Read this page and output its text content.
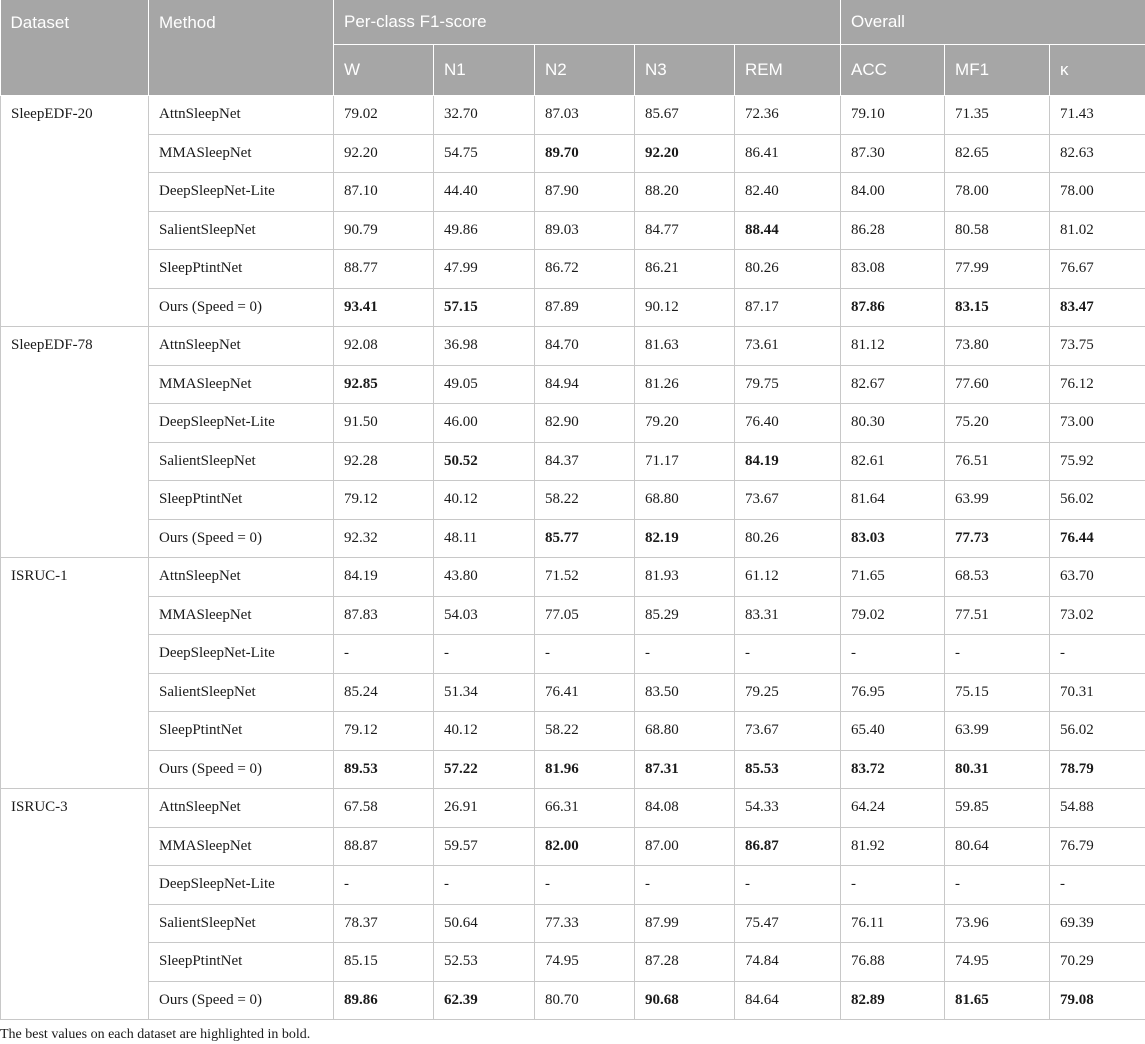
Dataset	Method	Per-class F1-score					Overall		
		W	N1	N2	N3	REM	ACC	MF1	κ
SleepEDF-20	AttnSleepNet	79.02	32.70	87.03	85.67	72.36	79.10	71.35	71.43
	MMASleepNet	92.20	54.75	89.70	92.20	86.41	87.30	82.65	82.63
	DeepSleepNet-Lite	87.10	44.40	87.90	88.20	82.40	84.00	78.00	78.00
	SalientSleepNet	90.79	49.86	89.03	84.77	88.44	86.28	80.58	81.02
	SleepPtintNet	88.77	47.99	86.72	86.21	80.26	83.08	77.99	76.67
	Ours (Speed = 0)	93.41	57.15	87.89	90.12	87.17	87.86	83.15	83.47
SleepEDF-78	AttnSleepNet	92.08	36.98	84.70	81.63	73.61	81.12	73.80	73.75
	MMASleepNet	92.85	49.05	84.94	81.26	79.75	82.67	77.60	76.12
	DeepSleepNet-Lite	91.50	46.00	82.90	79.20	76.40	80.30	75.20	73.00
	SalientSleepNet	92.28	50.52	84.37	71.17	84.19	82.61	76.51	75.92
	SleepPtintNet	79.12	40.12	58.22	68.80	73.67	81.64	63.99	56.02
	Ours (Speed = 0)	92.32	48.11	85.77	82.19	80.26	83.03	77.73	76.44
ISRUC-1	AttnSleepNet	84.19	43.80	71.52	81.93	61.12	71.65	68.53	63.70
	MMASleepNet	87.83	54.03	77.05	85.29	83.31	79.02	77.51	73.02
	DeepSleepNet-Lite	-	-	-	-	-	-	-	-
	SalientSleepNet	85.24	51.34	76.41	83.50	79.25	76.95	75.15	70.31
	SleepPtintNet	79.12	40.12	58.22	68.80	73.67	65.40	63.99	56.02
	Ours (Speed = 0)	89.53	57.22	81.96	87.31	85.53	83.72	80.31	78.79
ISRUC-3	AttnSleepNet	67.58	26.91	66.31	84.08	54.33	64.24	59.85	54.88
	MMASleepNet	88.87	59.57	82.00	87.00	86.87	81.92	80.64	76.79
	DeepSleepNet-Lite	-	-	-	-	-	-	-	-
	SalientSleepNet	78.37	50.64	77.33	87.99	75.47	76.11	73.96	69.39
	SleepPtintNet	85.15	52.53	74.95	87.28	74.84	76.88	74.95	70.29
	Ours (Speed = 0)	89.86	62.39	80.70	90.68	84.64	82.89	81.65	79.08

The best values on each dataset are highlighted in bold.
